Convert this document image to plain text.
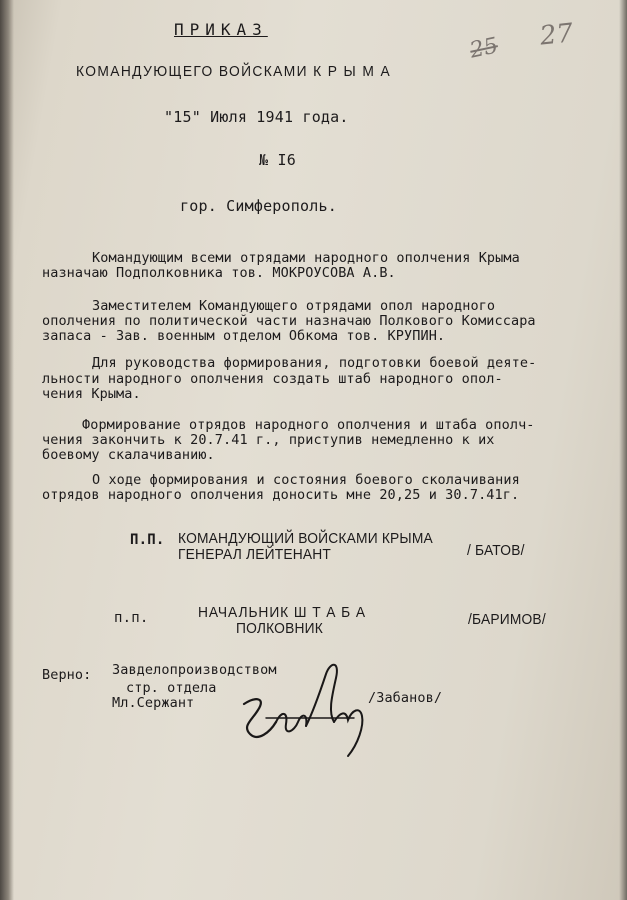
25 27
ПРИКАЗ
КОМАНДУЮЩЕГО ВОЙСКАМИ К Р Ы М А
"15" Июля 1941 года.
№ I6
гор. Симферополь.
Командующим всеми отрядами народного ополчения Крыма
назначаю Подполковника тов. МОКРОУСОВА А.В.
Заместителем Командующего отрядами опол народного
ополчения по политической части назначаю Полкового Комиссара
запаса - Зав. военным отделом Обкома тов. КРУПИН.
Для руководства формирования, подготовки боевой деяте-
льности народного ополчения создать штаб народного опол-
чения Крыма.
Формирование отрядов народного ополчения и штаба ополч-
чения закончить к 20.7.41 г., приступив немедленно к их
боевому скалачиванию.
О ходе формирования и состояния боевого сколачивания
отрядов народного ополчения доносить мне 20,25 и 30.7.41г.
П.П. КОМАНДУЮЩИЙ ВОЙСКАМИ КРЫМА
ГЕНЕРАЛ ЛЕЙТЕНАНТ	/ БАТОВ/
п.п.	НАЧАЛЬНИК Ш Т А Б А
ПОЛКОВНИК
/БАРИМОВ/
Верно: Завделопроизводством
стр. отдела
Мл.Сержант	/Забанов/
